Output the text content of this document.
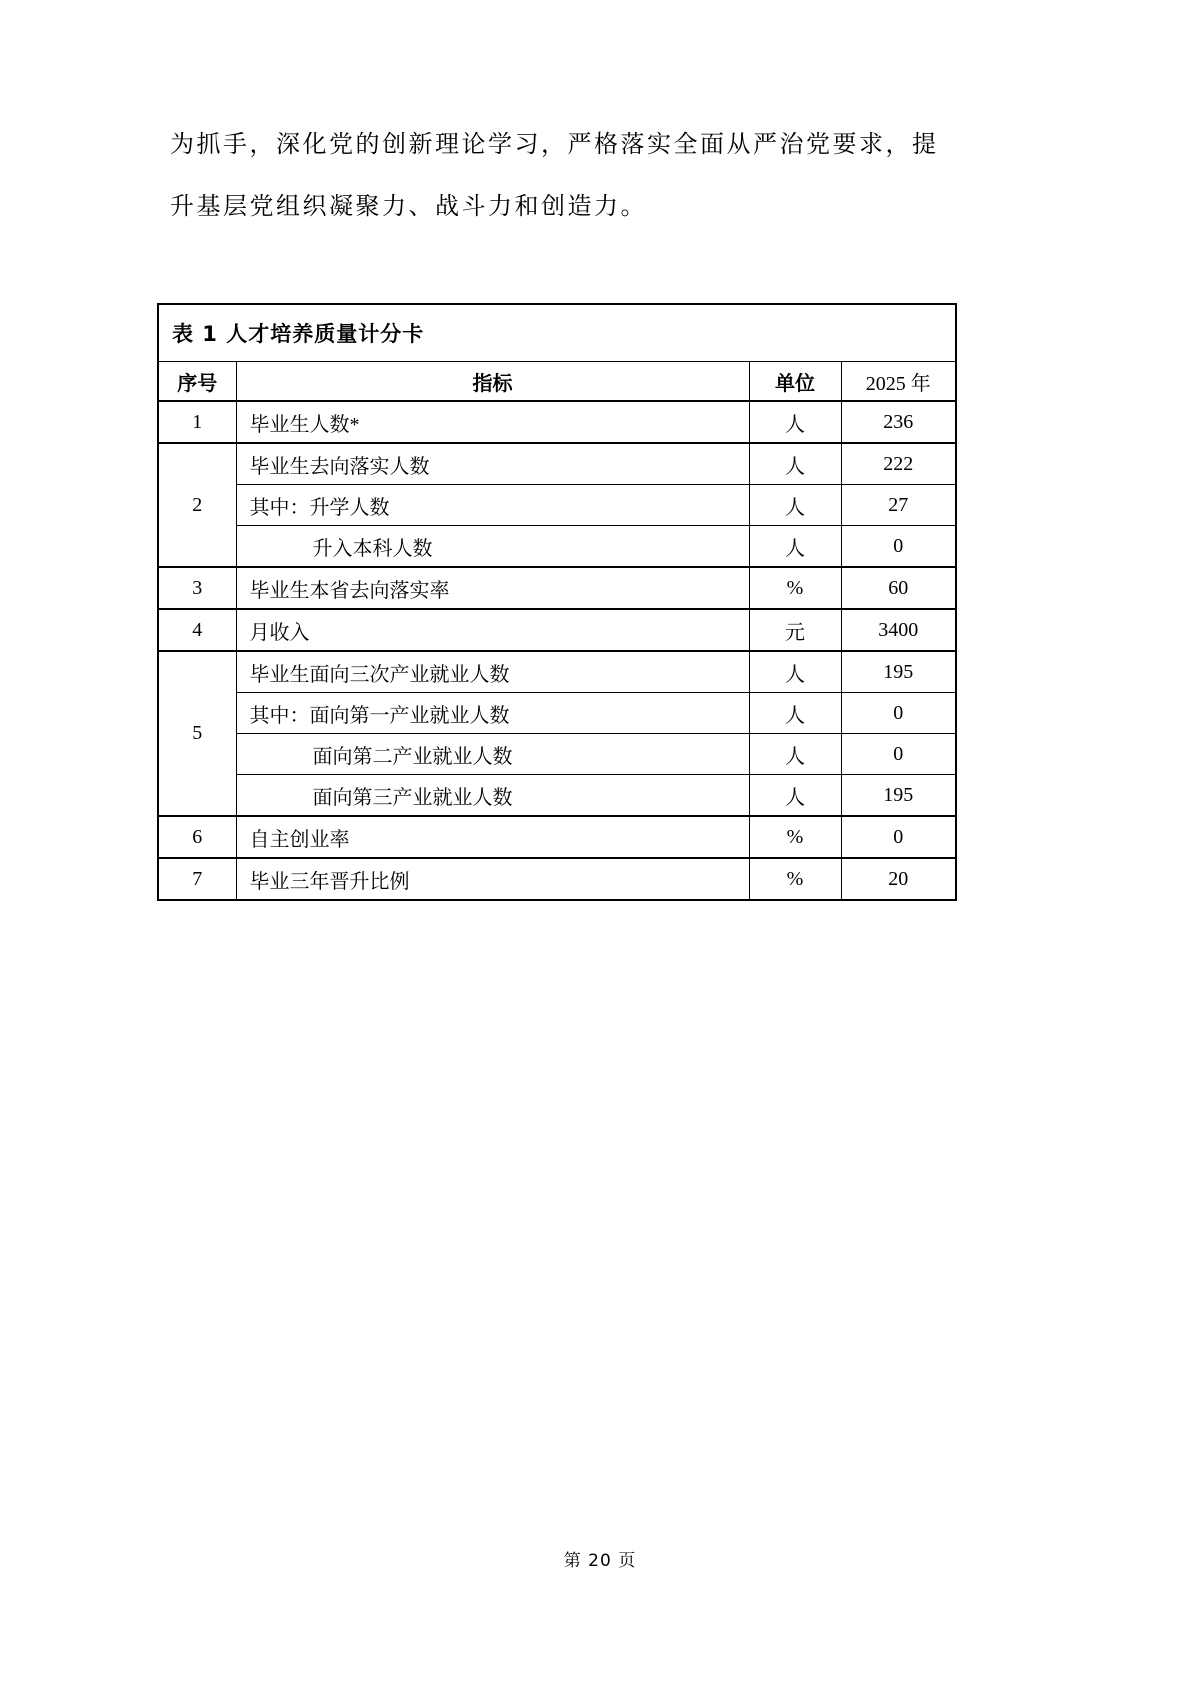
为抓手，深化党的创新理论学习，严格落实全面从严治党要求，提
升基层党组织凝聚力、战斗力和创造力。
表 1 人才培养质量计分卡			
序号	指标	单位	2025 年
1	毕业生人数*	人	236
2	毕业生去向落实人数	人	222
	其中：升学人数	人	27
	升入本科人数	人	0
3	毕业生本省去向落实率	%	60
4	月收入	元	3400
5	毕业生面向三次产业就业人数	人	195
	其中：面向第一产业就业人数	人	0
	面向第二产业就业人数	人	0
	面向第三产业就业人数	人	195
6	自主创业率	%	0
7	毕业三年晋升比例	%	20
第 20 页
